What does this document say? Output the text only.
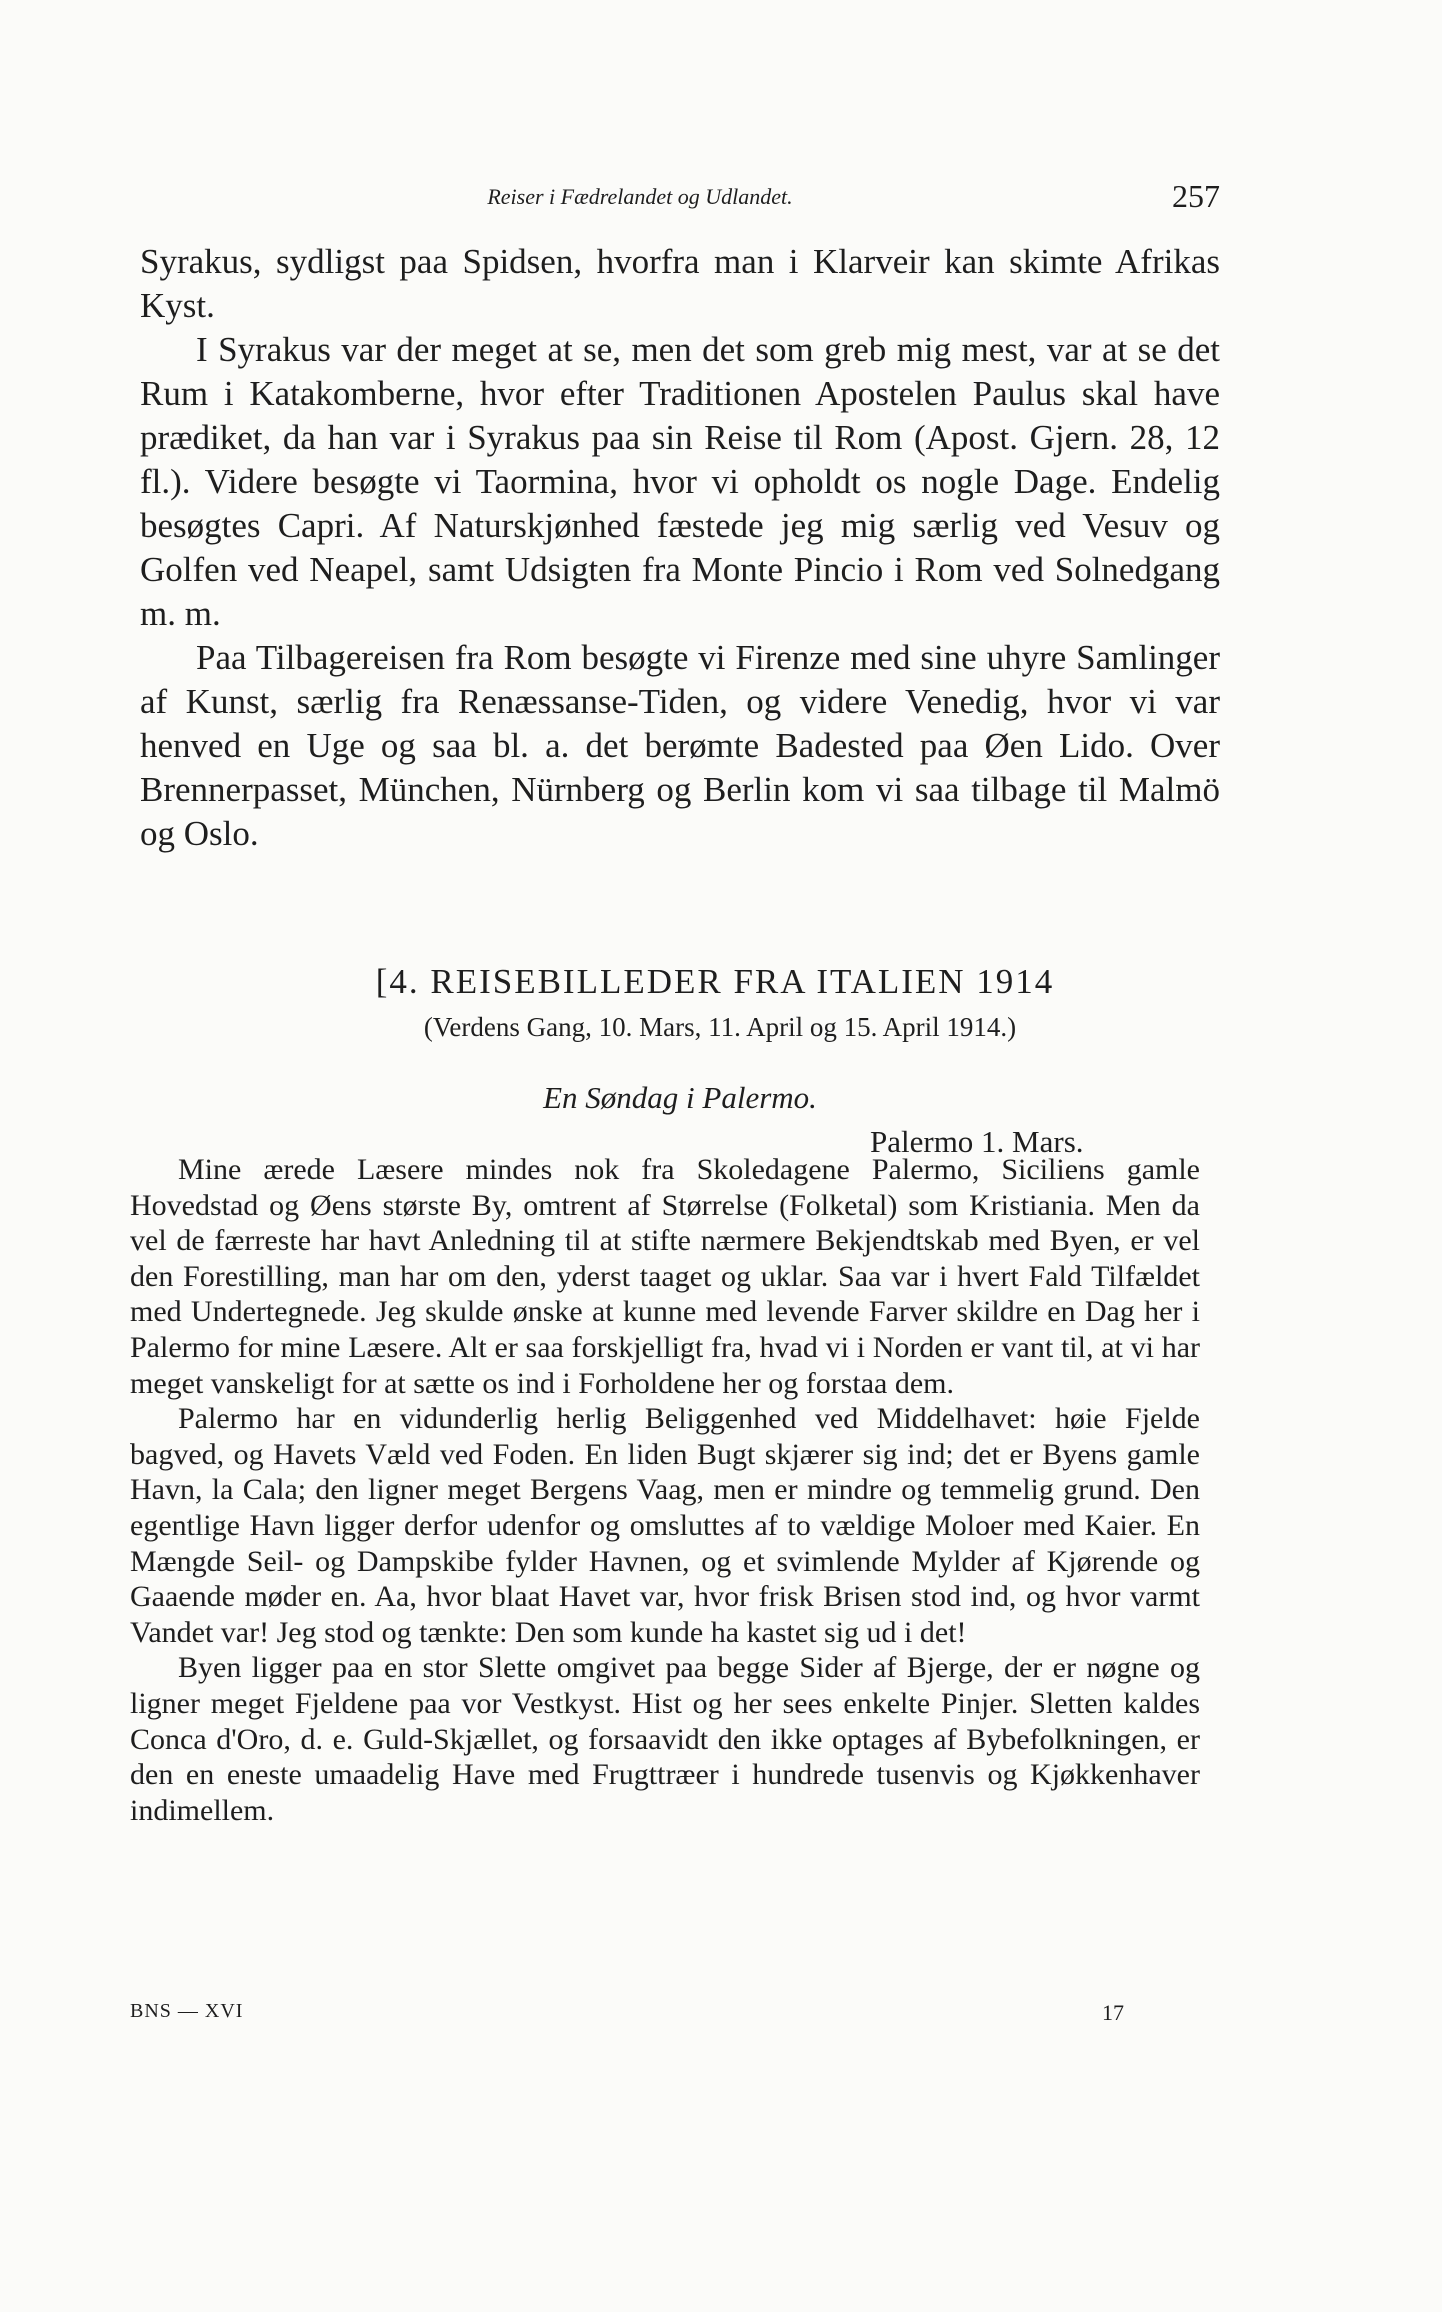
Reiser i Fædrelandet og Udlandet.	257

Syrakus, sydligst paa Spidsen, hvorfra man i Klarveir kan skimte Afrikas Kyst.

I Syrakus var der meget at se, men det som greb mig mest, var at se det Rum i Katakomberne, hvor efter Traditionen Apostelen Paulus skal have prædiket, da han var i Syrakus paa sin Reise til Rom (Apost. Gjern. 28, 12 fl.). Videre besøgte vi Taormina, hvor vi opholdt os nogle Dage. Endelig besøgtes Capri. Af Naturskjønhed fæstede jeg mig særlig ved Vesuv og Golfen ved Neapel, samt Udsigten fra Monte Pincio i Rom ved Solnedgang m. m.

Paa Tilbagereisen fra Rom besøgte vi Firenze med sine uhyre Samlinger af Kunst, særlig fra Renæssanse-Tiden, og videre Venedig, hvor vi var henved en Uge og saa bl. a. det berømte Badested paa Øen Lido. Over Brennerpasset, München, Nürnberg og Berlin kom vi saa tilbage til Malmö og Oslo.

[4. REISEBILLEDER FRA ITALIEN 1914
(Verdens Gang, 10. Mars, 11. April og 15. April 1914.)
En Søndag i Palermo.
Palermo 1. Mars.

Mine ærede Læsere mindes nok fra Skoledagene Palermo, Siciliens gamle Hovedstad og Øens største By, omtrent af Størrelse (Folketal) som Kristiania. Men da vel de færreste har havt Anledning til at stifte nærmere Bekjendtskab med Byen, er vel den Forestilling, man har om den, yderst taaget og uklar. Saa var i hvert Fald Tilfældet med Undertegnede. Jeg skulde ønske at kunne med levende Farver skildre en Dag her i Palermo for mine Læsere. Alt er saa forskjelligt fra, hvad vi i Norden er vant til, at vi har meget vanskeligt for at sætte os ind i Forholdene her og forstaa dem.

Palermo har en vidunderlig herlig Beliggenhed ved Middelhavet: høie Fjelde bagved, og Havets Væld ved Foden. En liden Bugt skjærer sig ind; det er Byens gamle Havn, la Cala; den ligner meget Bergens Vaag, men er mindre og temmelig grund. Den egentlige Havn ligger derfor udenfor og omsluttes af to vældige Moloer med Kaier. En Mængde Seil- og Dampskibe fylder Havnen, og et svimlende Mylder af Kjørende og Gaaende møder en. Aa, hvor blaat Havet var, hvor frisk Brisen stod ind, og hvor varmt Vandet var! Jeg stod og tænkte: Den som kunde ha kastet sig ud i det!

Byen ligger paa en stor Slette omgivet paa begge Sider af Bjerge, der er nøgne og ligner meget Fjeldene paa vor Vestkyst. Hist og her sees enkelte Pinjer. Sletten kaldes Conca d'Oro, d. e. Guld-Skjællet, og forsaavidt den ikke optages af Bybefolkningen, er den en eneste umaadelig Have med Frugttræer i hundrede tusenvis og Kjøkkenhaver indimellem.

BNS — XVI	17
